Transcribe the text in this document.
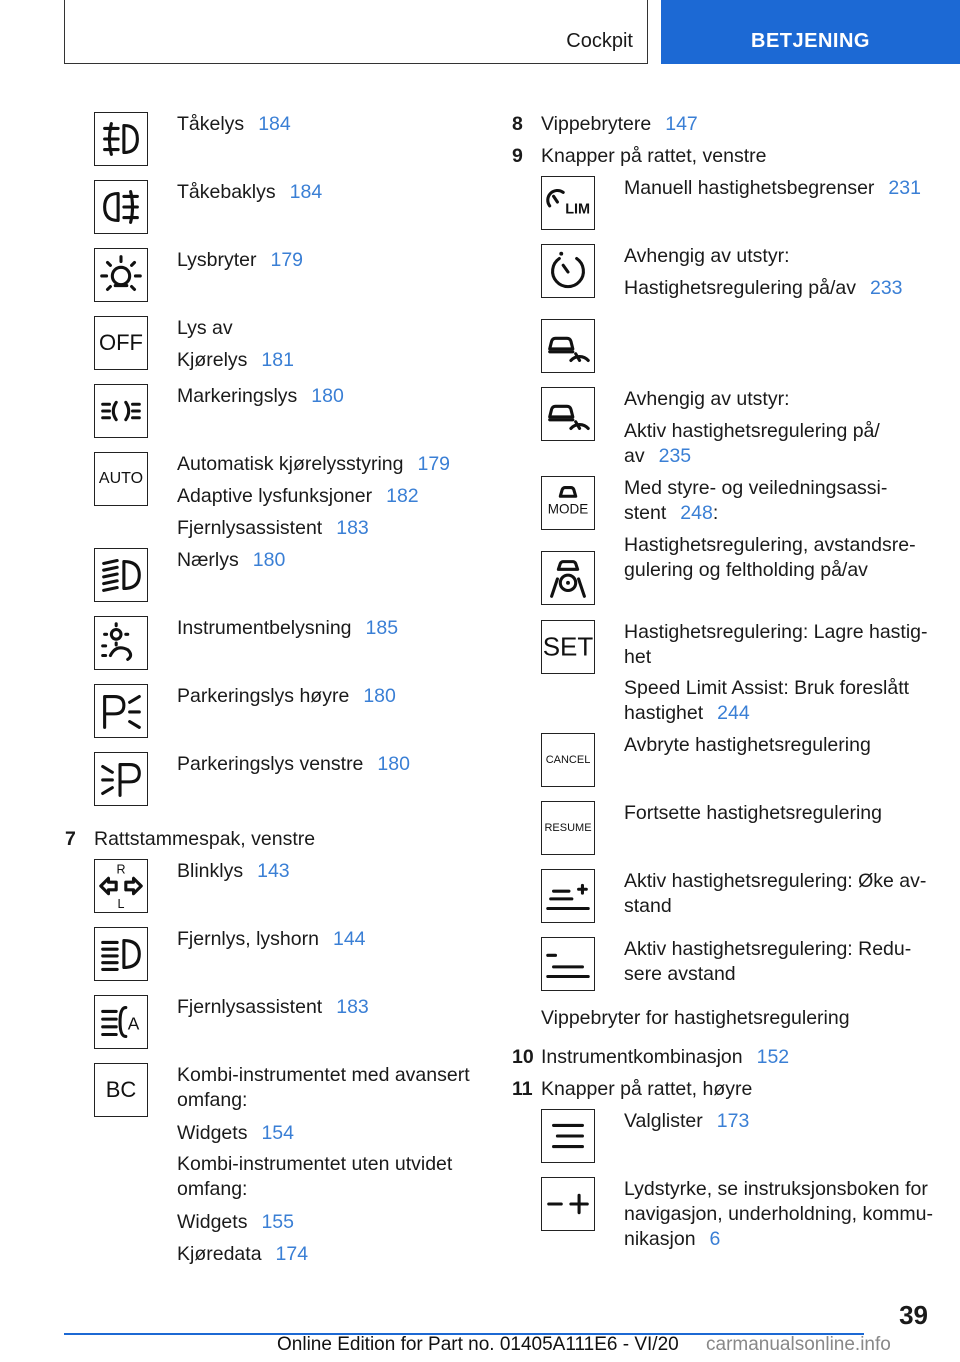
Cockpit	BETJENING
Tåkelys 184
Tåkebaklys 184
Lysbryter 179
OFF
Lys av
Kjørelys 181
Markeringslys 180
AUTO
Automatisk kjørelysstyring 179
Adaptive lysfunksjoner 182
Fjernlysassistent 183
Nærlys 180
Instrumentbelysning 185
Parkeringslys høyre 180
Parkeringslys venstre 180
7 Rattstammespak, venstre
R
L
Blinklys 143
Fjernlys, lyshorn 144
A
Fjernlysassistent 183
BC
Kombi-instrumentet med avansert
omfang:
Widgets 154
Kombi-instrumentet uten utvidet
omfang:
Widgets 155
Kjøredata 174
8 Vippebrytere 147
9 Knapper på rattet, venstre
LIM
Manuell hastighetsbegrenser 231
Avhengig av utstyr:
Hastighetsregulering på/av 233
Avhengig av utstyr:
Aktiv hastighetsregulering på/
av 235
MODE
Med styre- og veiledningsassi-
stent 248:
Hastighetsregulering, avstandsre-
gulering og feltholding på/av
SET Hastighetsregulering: Lagre hastig-
het
Speed Limit Assist: Bruk foreslått
hastighet 244
CANCEL
Avbryte hastighetsregulering
RESUME
Fortsette hastighetsregulering
Aktiv hastighetsregulering: Øke av-
stand
Aktiv hastighetsregulering: Redu-
sere avstand
Vippebryter for hastighetsregulering
10 Instrumentkombinasjon 152
11 Knapper på rattet, høyre
Valglister 173
Lydstyrke, se instruksjonsboken for
navigasjon, underholdning, kommu-
nikasjon 6
39
Online Edition for Part no. 01405A111E6 - VI/20 carmanualsonline.info
